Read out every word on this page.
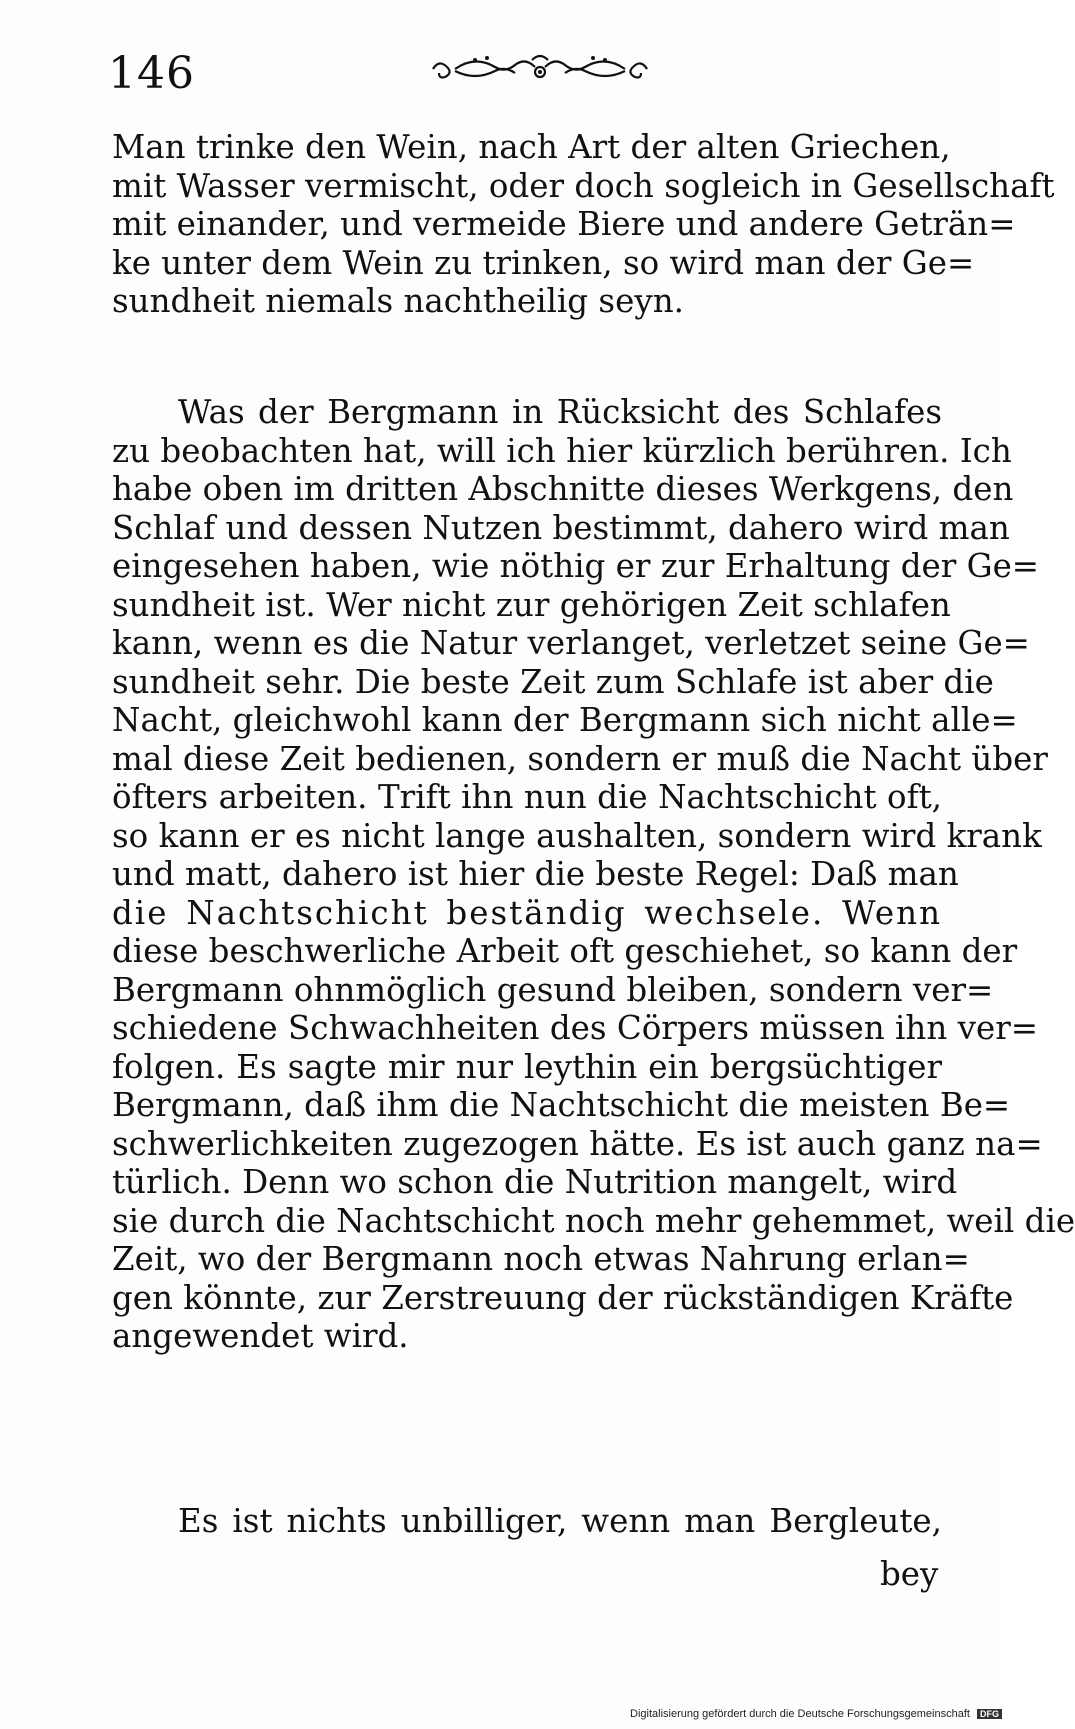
146
Man trinke den Wein, nach Art der alten Griechen,
mit Wasser vermischt, oder doch sogleich in Gesellschaft
mit einander, und vermeide Biere und andere Geträn=
ke unter dem Wein zu trinken, so wird man der Ge=
sundheit niemals nachtheilig seyn.
Was der Bergmann in Rücksicht des Schlafes
zu beobachten hat, will ich hier kürzlich berühren. Ich
habe oben im dritten Abschnitte dieses Werkgens, den
Schlaf und dessen Nutzen bestimmt, dahero wird man
eingesehen haben, wie nöthig er zur Erhaltung der Ge=
sundheit ist. Wer nicht zur gehörigen Zeit schlafen
kann, wenn es die Natur verlanget, verletzet seine Ge=
sundheit sehr. Die beste Zeit zum Schlafe ist aber die
Nacht, gleichwohl kann der Bergmann sich nicht alle=
mal diese Zeit bedienen, sondern er muß die Nacht über
öfters arbeiten. Trift ihn nun die Nachtschicht oft,
so kann er es nicht lange aushalten, sondern wird krank
und matt, dahero ist hier die beste Regel: Daß man
die Nachtschicht beständig wechsele. Wenn
diese beschwerliche Arbeit oft geschiehet, so kann der
Bergmann ohnmöglich gesund bleiben, sondern ver=
schiedene Schwachheiten des Cörpers müssen ihn ver=
folgen. Es sagte mir nur leythin ein bergsüchtiger
Bergmann, daß ihm die Nachtschicht die meisten Be=
schwerlichkeiten zugezogen hätte. Es ist auch ganz na=
türlich. Denn wo schon die Nutrition mangelt, wird
sie durch die Nachtschicht noch mehr gehemmet, weil die
Zeit, wo der Bergmann noch etwas Nahrung erlan=
gen könnte, zur Zerstreuung der rückständigen Kräfte
angewendet wird.
Es ist nichts unbilliger, wenn man Bergleute,
bey
Digitalisierung gefördert durch die Deutsche Forschungsgemeinschaft DFG
